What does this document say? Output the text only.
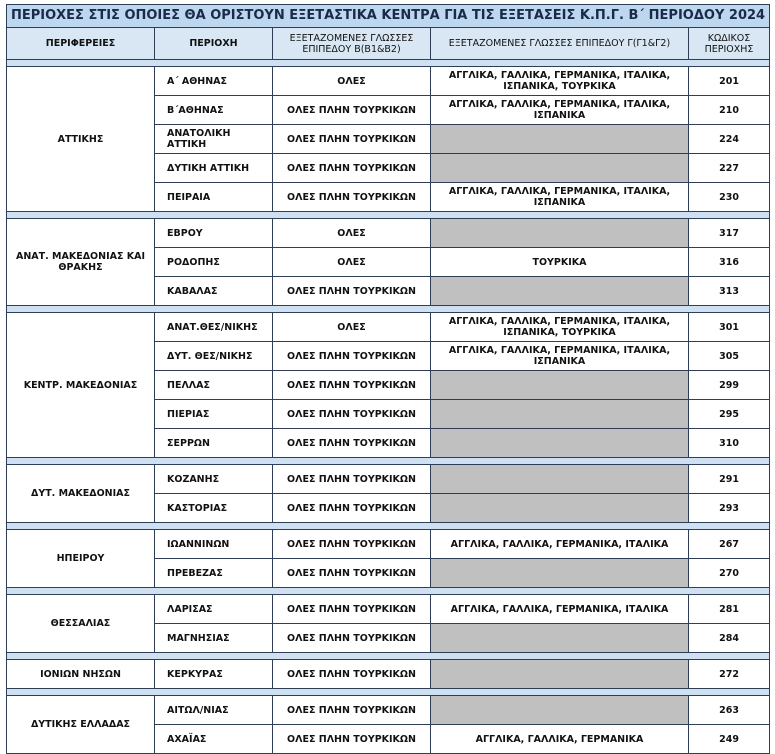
ΠΕΡΙΟΧΕΣ ΣΤΙΣ ΟΠΟΙΕΣ ΘΑ ΟΡΙΣΤΟΥΝ ΕΞΕΤΑΣΤΙΚΑ ΚΕΝΤΡΑ ΓΙΑ ΤΙΣ ΕΞΕΤΑΣΕΙΣ Κ.Π.Γ. Β΄ ΠΕΡΙΟΔΟΥ 2024				
ΠΕΡΙΦΕΡΕΙΕΣ	ΠΕΡΙΟΧΗ	ΕΞΕΤΑΖΟΜΕΝΕΣ ΓΛΩΣΣΕΣ ΕΠΙΠΕΔΟΥ Β(Β1&Β2)	ΕΞΕΤΑΖΟΜΕΝΕΣ ΓΛΩΣΣΕΣ ΕΠΙΠΕΔΟΥ Γ(Γ1&Γ2)	ΚΩΔΙΚΟΣ ΠΕΡΙΟΧΗΣ

ΑΤΤΙΚΗΣ	Α΄ ΑΘΗΝΑΣ	ΟΛΕΣ	ΑΓΓΛΙΚΑ, ΓΑΛΛΙΚΑ, ΓΕΡΜΑΝΙΚΑ, ΙΤΑΛΙΚΑ, ΙΣΠΑΝΙΚΑ, ΤΟΥΡΚΙΚΑ	201
	Β΄ΑΘΗΝΑΣ	ΟΛΕΣ ΠΛΗΝ ΤΟΥΡΚΙΚΩΝ	ΑΓΓΛΙΚΑ, ΓΑΛΛΙΚΑ, ΓΕΡΜΑΝΙΚΑ, ΙΤΑΛΙΚΑ, ΙΣΠΑΝΙΚΑ	210
	ΑΝΑΤΟΛΙΚΗ ΑΤΤΙΚΗ	ΟΛΕΣ ΠΛΗΝ ΤΟΥΡΚΙΚΩΝ		224
	ΔΥΤΙΚΗ ΑΤΤΙΚΗ	ΟΛΕΣ ΠΛΗΝ ΤΟΥΡΚΙΚΩΝ		227
	ΠΕΙΡΑΙΑ	ΟΛΕΣ ΠΛΗΝ ΤΟΥΡΚΙΚΩΝ	ΑΓΓΛΙΚΑ, ΓΑΛΛΙΚΑ, ΓΕΡΜΑΝΙΚΑ, ΙΤΑΛΙΚΑ, ΙΣΠΑΝΙΚΑ	230

ΑΝΑΤ. ΜΑΚΕΔΟΝΙΑΣ ΚΑΙ ΘΡΑΚΗΣ	ΕΒΡΟΥ	ΟΛΕΣ		317
	ΡΟΔΟΠΗΣ	ΟΛΕΣ	ΤΟΥΡΚΙΚΑ	316
	ΚΑΒΑΛΑΣ	ΟΛΕΣ ΠΛΗΝ ΤΟΥΡΚΙΚΩΝ		313

ΚΕΝΤΡ. ΜΑΚΕΔΟΝΙΑΣ	ΑΝΑΤ.ΘΕΣ/ΝΙΚΗΣ	ΟΛΕΣ	ΑΓΓΛΙΚΑ, ΓΑΛΛΙΚΑ, ΓΕΡΜΑΝΙΚΑ, ΙΤΑΛΙΚΑ, ΙΣΠΑΝΙΚΑ, ΤΟΥΡΚΙΚΑ	301
	ΔΥΤ. ΘΕΣ/ΝΙΚΗΣ	ΟΛΕΣ ΠΛΗΝ ΤΟΥΡΚΙΚΩΝ	ΑΓΓΛΙΚΑ, ΓΑΛΛΙΚΑ, ΓΕΡΜΑΝΙΚΑ, ΙΤΑΛΙΚΑ, ΙΣΠΑΝΙΚΑ	305
	ΠΕΛΛΑΣ	ΟΛΕΣ ΠΛΗΝ ΤΟΥΡΚΙΚΩΝ		299
	ΠΙΕΡΙΑΣ	ΟΛΕΣ ΠΛΗΝ ΤΟΥΡΚΙΚΩΝ		295
	ΣΕΡΡΩΝ	ΟΛΕΣ ΠΛΗΝ ΤΟΥΡΚΙΚΩΝ		310

ΔΥΤ. ΜΑΚΕΔΟΝΙΑΣ	ΚΟΖΑΝΗΣ	ΟΛΕΣ ΠΛΗΝ ΤΟΥΡΚΙΚΩΝ		291
	ΚΑΣΤΟΡΙΑΣ	ΟΛΕΣ ΠΛΗΝ ΤΟΥΡΚΙΚΩΝ		293

ΗΠΕΙΡΟΥ	ΙΩΑΝΝΙΝΩΝ	ΟΛΕΣ ΠΛΗΝ ΤΟΥΡΚΙΚΩΝ	ΑΓΓΛΙΚΑ, ΓΑΛΛΙΚΑ, ΓΕΡΜΑΝΙΚΑ, ΙΤΑΛΙΚΑ	267
	ΠΡΕΒΕΖΑΣ	ΟΛΕΣ ΠΛΗΝ ΤΟΥΡΚΙΚΩΝ		270

ΘΕΣΣΑΛΙΑΣ	ΛΑΡΙΣΑΣ	ΟΛΕΣ ΠΛΗΝ ΤΟΥΡΚΙΚΩΝ	ΑΓΓΛΙΚΑ, ΓΑΛΛΙΚΑ, ΓΕΡΜΑΝΙΚΑ, ΙΤΑΛΙΚΑ	281
	ΜΑΓΝΗΣΙΑΣ	ΟΛΕΣ ΠΛΗΝ ΤΟΥΡΚΙΚΩΝ		284

ΙΟΝΙΩΝ ΝΗΣΩΝ	ΚΕΡΚΥΡΑΣ	ΟΛΕΣ ΠΛΗΝ ΤΟΥΡΚΙΚΩΝ		272

ΔΥΤΙΚΗΣ ΕΛΛΑΔΑΣ	ΑΙΤΩΛ/ΝΙΑΣ	ΟΛΕΣ ΠΛΗΝ ΤΟΥΡΚΙΚΩΝ		263
	ΑΧΑΪΑΣ	ΟΛΕΣ ΠΛΗΝ ΤΟΥΡΚΙΚΩΝ	ΑΓΓΛΙΚΑ, ΓΑΛΛΙΚΑ, ΓΕΡΜΑΝΙΚΑ	249
